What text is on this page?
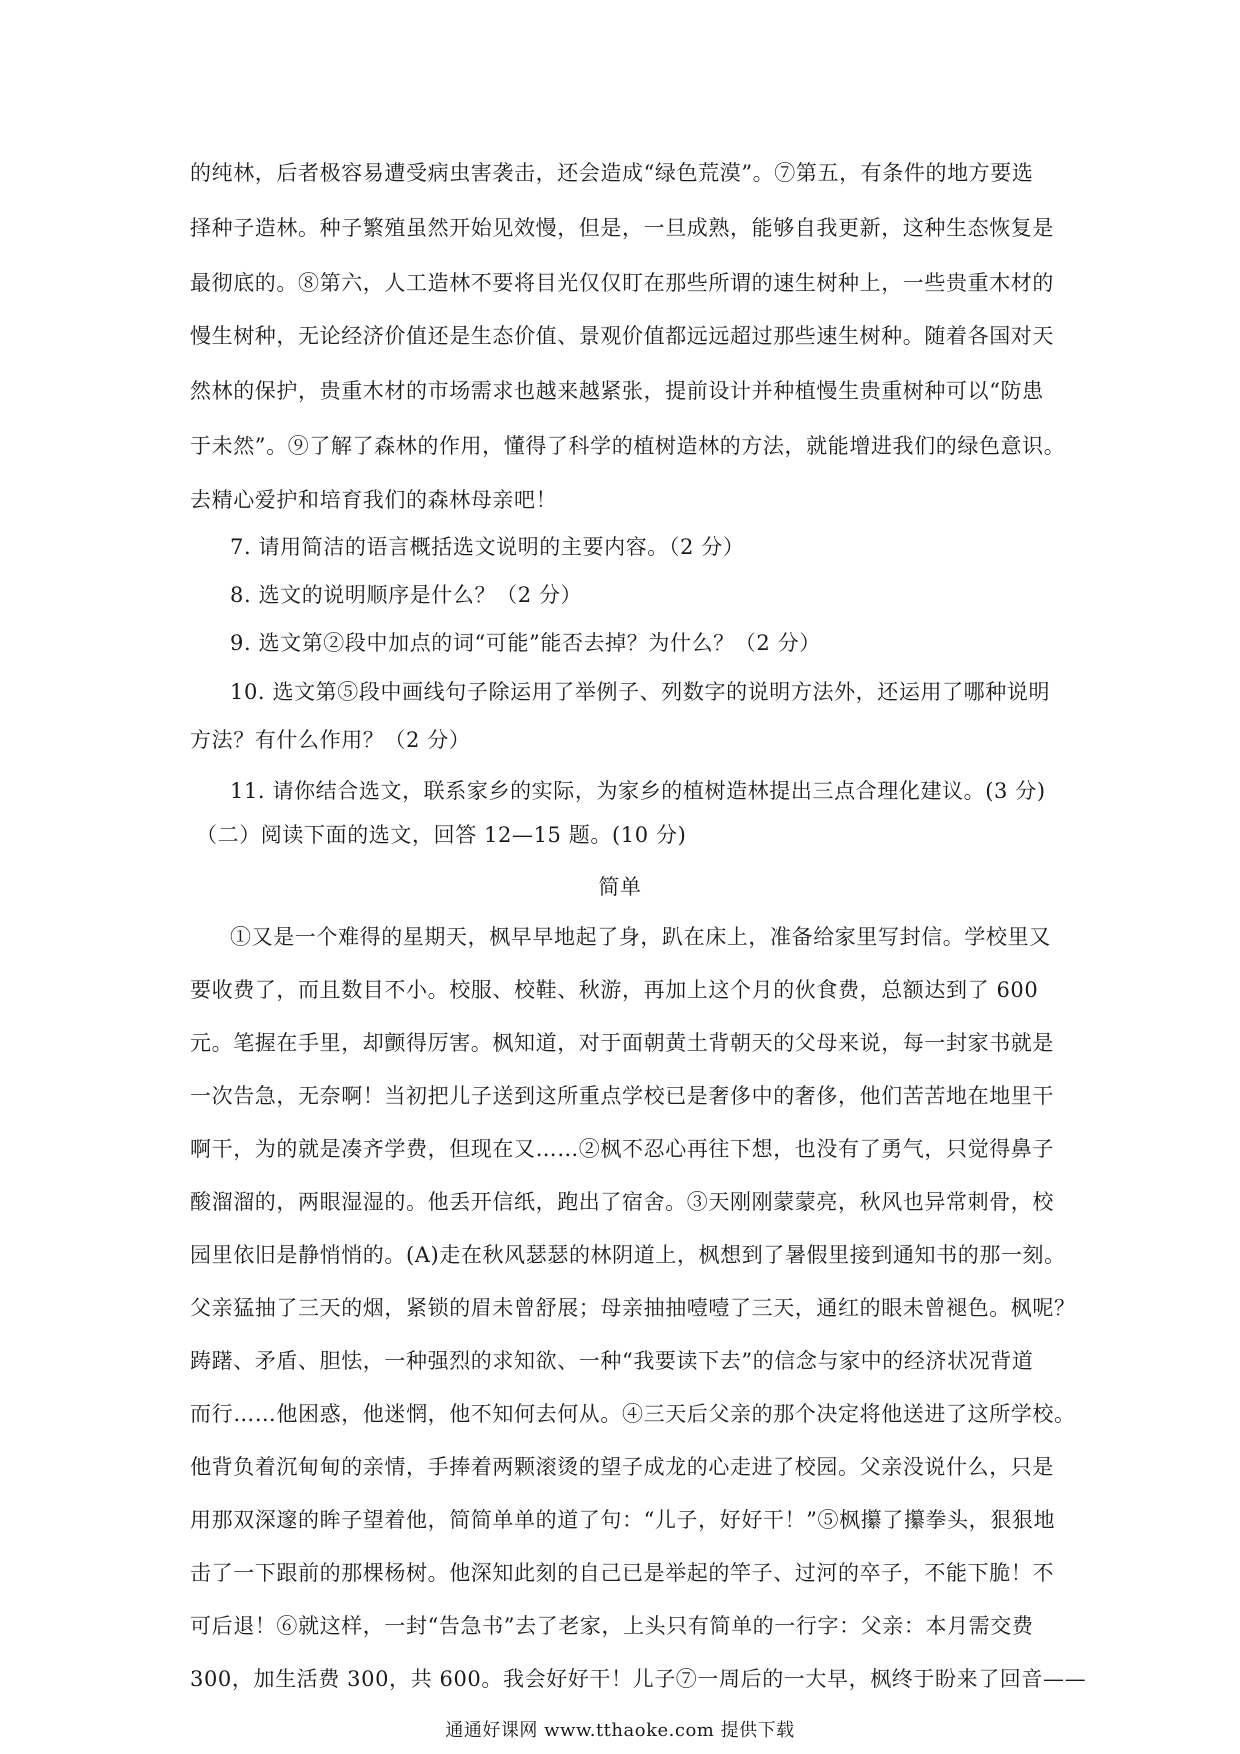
的纯林，后者极容易遭受病虫害袭击，还会造成“绿色荒漠”。⑦第五，有条件的地方要选
择种子造林。种子繁殖虽然开始见效慢，但是，一旦成熟，能够自我更新，这种生态恢复是
最彻底的。⑧第六，人工造林不要将目光仅仅盯在那些所谓的速生树种上，一些贵重木材的
慢生树种，无论经济价值还是生态价值、景观价值都远远超过那些速生树种。随着各国对天
然林的保护，贵重木材的市场需求也越来越紧张，提前设计并种植慢生贵重树种可以“防患
于未然”。⑨了解了森林的作用，懂得了科学的植树造林的方法，就能增进我们的绿色意识。
去精心爱护和培育我们的森林母亲吧！
7. 请用简洁的语言概括选文说明的主要内容。（2 分）
8. 选文的说明顺序是什么？（2 分）
9. 选文第②段中加点的词“可能”能否去掉？为什么？（2 分）
10. 选文第⑤段中画线句子除运用了举例子、列数字的说明方法外，还运用了哪种说明
方法？有什么作用？（2 分）
11. 请你结合选文，联系家乡的实际，为家乡的植树造林提出三点合理化建议。(3 分)
（二）阅读下面的选文，回答 12—15 题。(10 分)
简单
①又是一个难得的星期天，枫早早地起了身，趴在床上，准备给家里写封信。学校里又
要收费了，而且数目不小。校服、校鞋、秋游，再加上这个月的伙食费，总额达到了 600
元。笔握在手里，却颤得厉害。枫知道，对于面朝黄土背朝天的父母来说，每一封家书就是
一次告急，无奈啊！当初把儿子送到这所重点学校已是奢侈中的奢侈，他们苦苦地在地里干
啊干，为的就是凑齐学费，但现在又……②枫不忍心再往下想，也没有了勇气，只觉得鼻子
酸溜溜的，两眼湿湿的。他丢开信纸，跑出了宿舍。③天刚刚蒙蒙亮，秋风也异常刺骨，校
园里依旧是静悄悄的。(A)走在秋风瑟瑟的林阴道上，枫想到了暑假里接到通知书的那一刻。
父亲猛抽了三天的烟，紧锁的眉未曾舒展；母亲抽抽噎噎了三天，通红的眼未曾褪色。枫呢？
踌躇、矛盾、胆怯，一种强烈的求知欲、一种“我要读下去”的信念与家中的经济状况背道
而行……他困惑，他迷惘，他不知何去何从。④三天后父亲的那个决定将他送进了这所学校。
他背负着沉甸甸的亲情，手捧着两颗滚烫的望子成龙的心走进了校园。父亲没说什么，只是
用那双深邃的眸子望着他，简简单单的道了句：“儿子，好好干！”⑤枫攥了攥拳头，狠狠地
击了一下跟前的那棵杨树。他深知此刻的自己已是举起的竿子、过河的卒子，不能下脆！不
可后退！⑥就这样，一封“告急书”去了老家，上头只有简单的一行字：父亲：本月需交费
300，加生活费 300，共 600。我会好好干！儿子⑦一周后的一大早，枫终于盼来了回音——
通通好课网 www.tthaoke.com 提供下载
